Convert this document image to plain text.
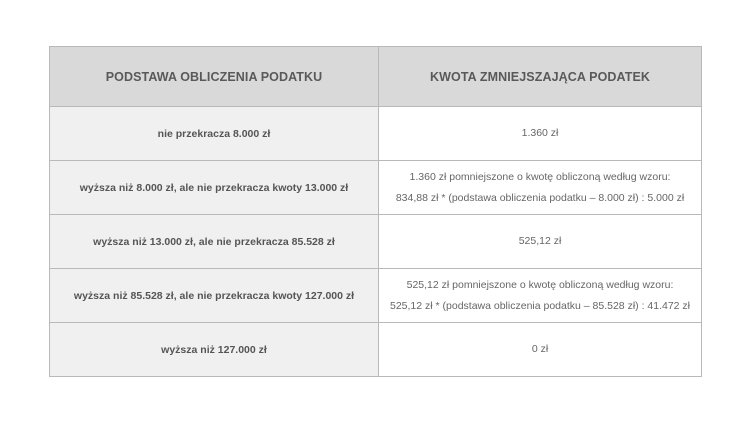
PODSTAWA OBLICZENIA PODATKU	KWOTA ZMNIEJSZAJĄCA PODATEK
nie przekracza 8.000 zł	1.360 zł

wyższa niż 8.000 zł, ale nie przekracza kwoty 13.000 zł	1.360 zł pomniejszone o kwotę obliczoną według wzoru:
834,88 zł * (podstawa obliczenia podatku – 8.000 zł) : 5.000 zł

wyższa niż 13.000 zł, ale nie przekracza 85.528 zł	525,12 zł

wyższa niż 85.528 zł, ale nie przekracza kwoty 127.000 zł	525,12 zł pomniejszone o kwotę obliczoną według wzoru:
525,12 zł * (podstawa obliczenia podatku – 85.528 zł) : 41.472 zł

wyższa niż 127.000 zł	0 zł
